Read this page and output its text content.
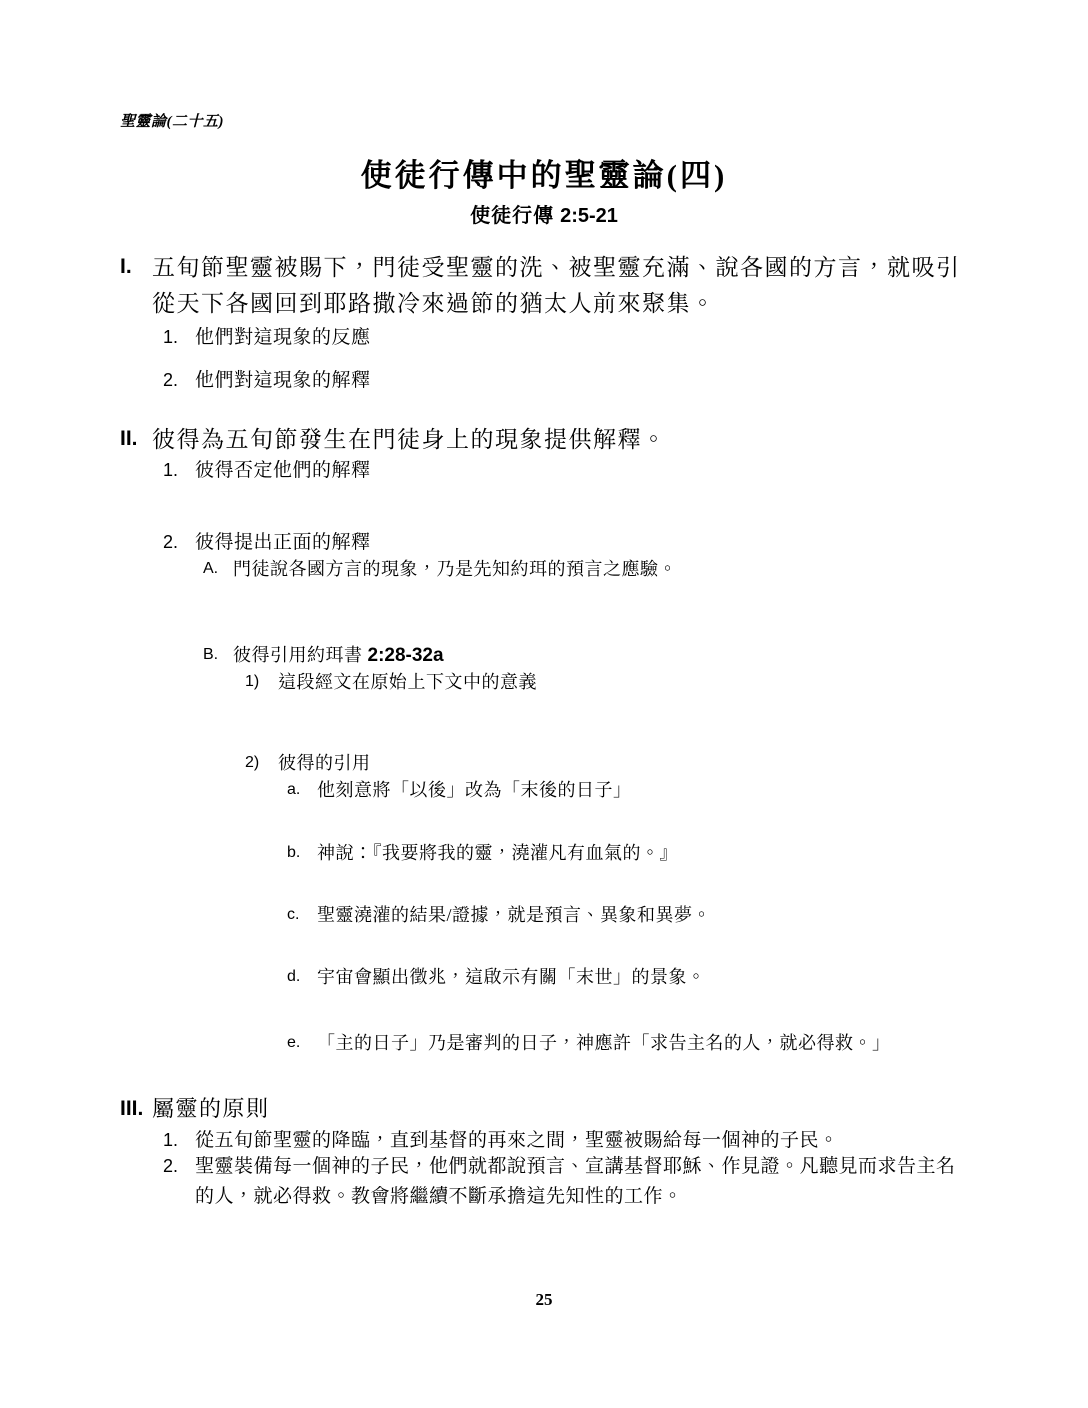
聖靈論(二十五)
使徒行傳中的聖靈論(四)
使徒行傳 2:5-21
I. 五旬節聖靈被賜下，門徒受聖靈的洗、被聖靈充滿、說各國的方言，就吸引
從天下各國回到耶路撒冷來過節的猶太人前來聚集。
1. 他們對這現象的反應
2. 他們對這現象的解釋
II. 彼得為五旬節發生在門徒身上的現象提供解釋。
1. 彼得否定他們的解釋
2. 彼得提出正面的解釋
A. 門徒說各國方言的現象，乃是先知約珥的預言之應驗。
B. 彼得引用約珥書 2:28-32a
1) 這段經文在原始上下文中的意義
2) 彼得的引用
a. 他刻意將「以後」改為「末後的日子」
b. 神說：『我要將我的靈，澆灌凡有血氣的。』
c. 聖靈澆灌的結果/證據，就是預言、異象和異夢。
d. 宇宙會顯出徵兆，這啟示有關「末世」的景象。
e. 「主的日子」乃是審判的日子，神應許「求告主名的人，就必得救。」
III. 屬靈的原則
1. 從五旬節聖靈的降臨，直到基督的再來之間，聖靈被賜給每一個神的子民。
2. 聖靈裝備每一個神的子民，他們就都說預言、宣講基督耶穌、作見證。凡聽見而求告主名
的人，就必得救。教會將繼續不斷承擔這先知性的工作。
25
